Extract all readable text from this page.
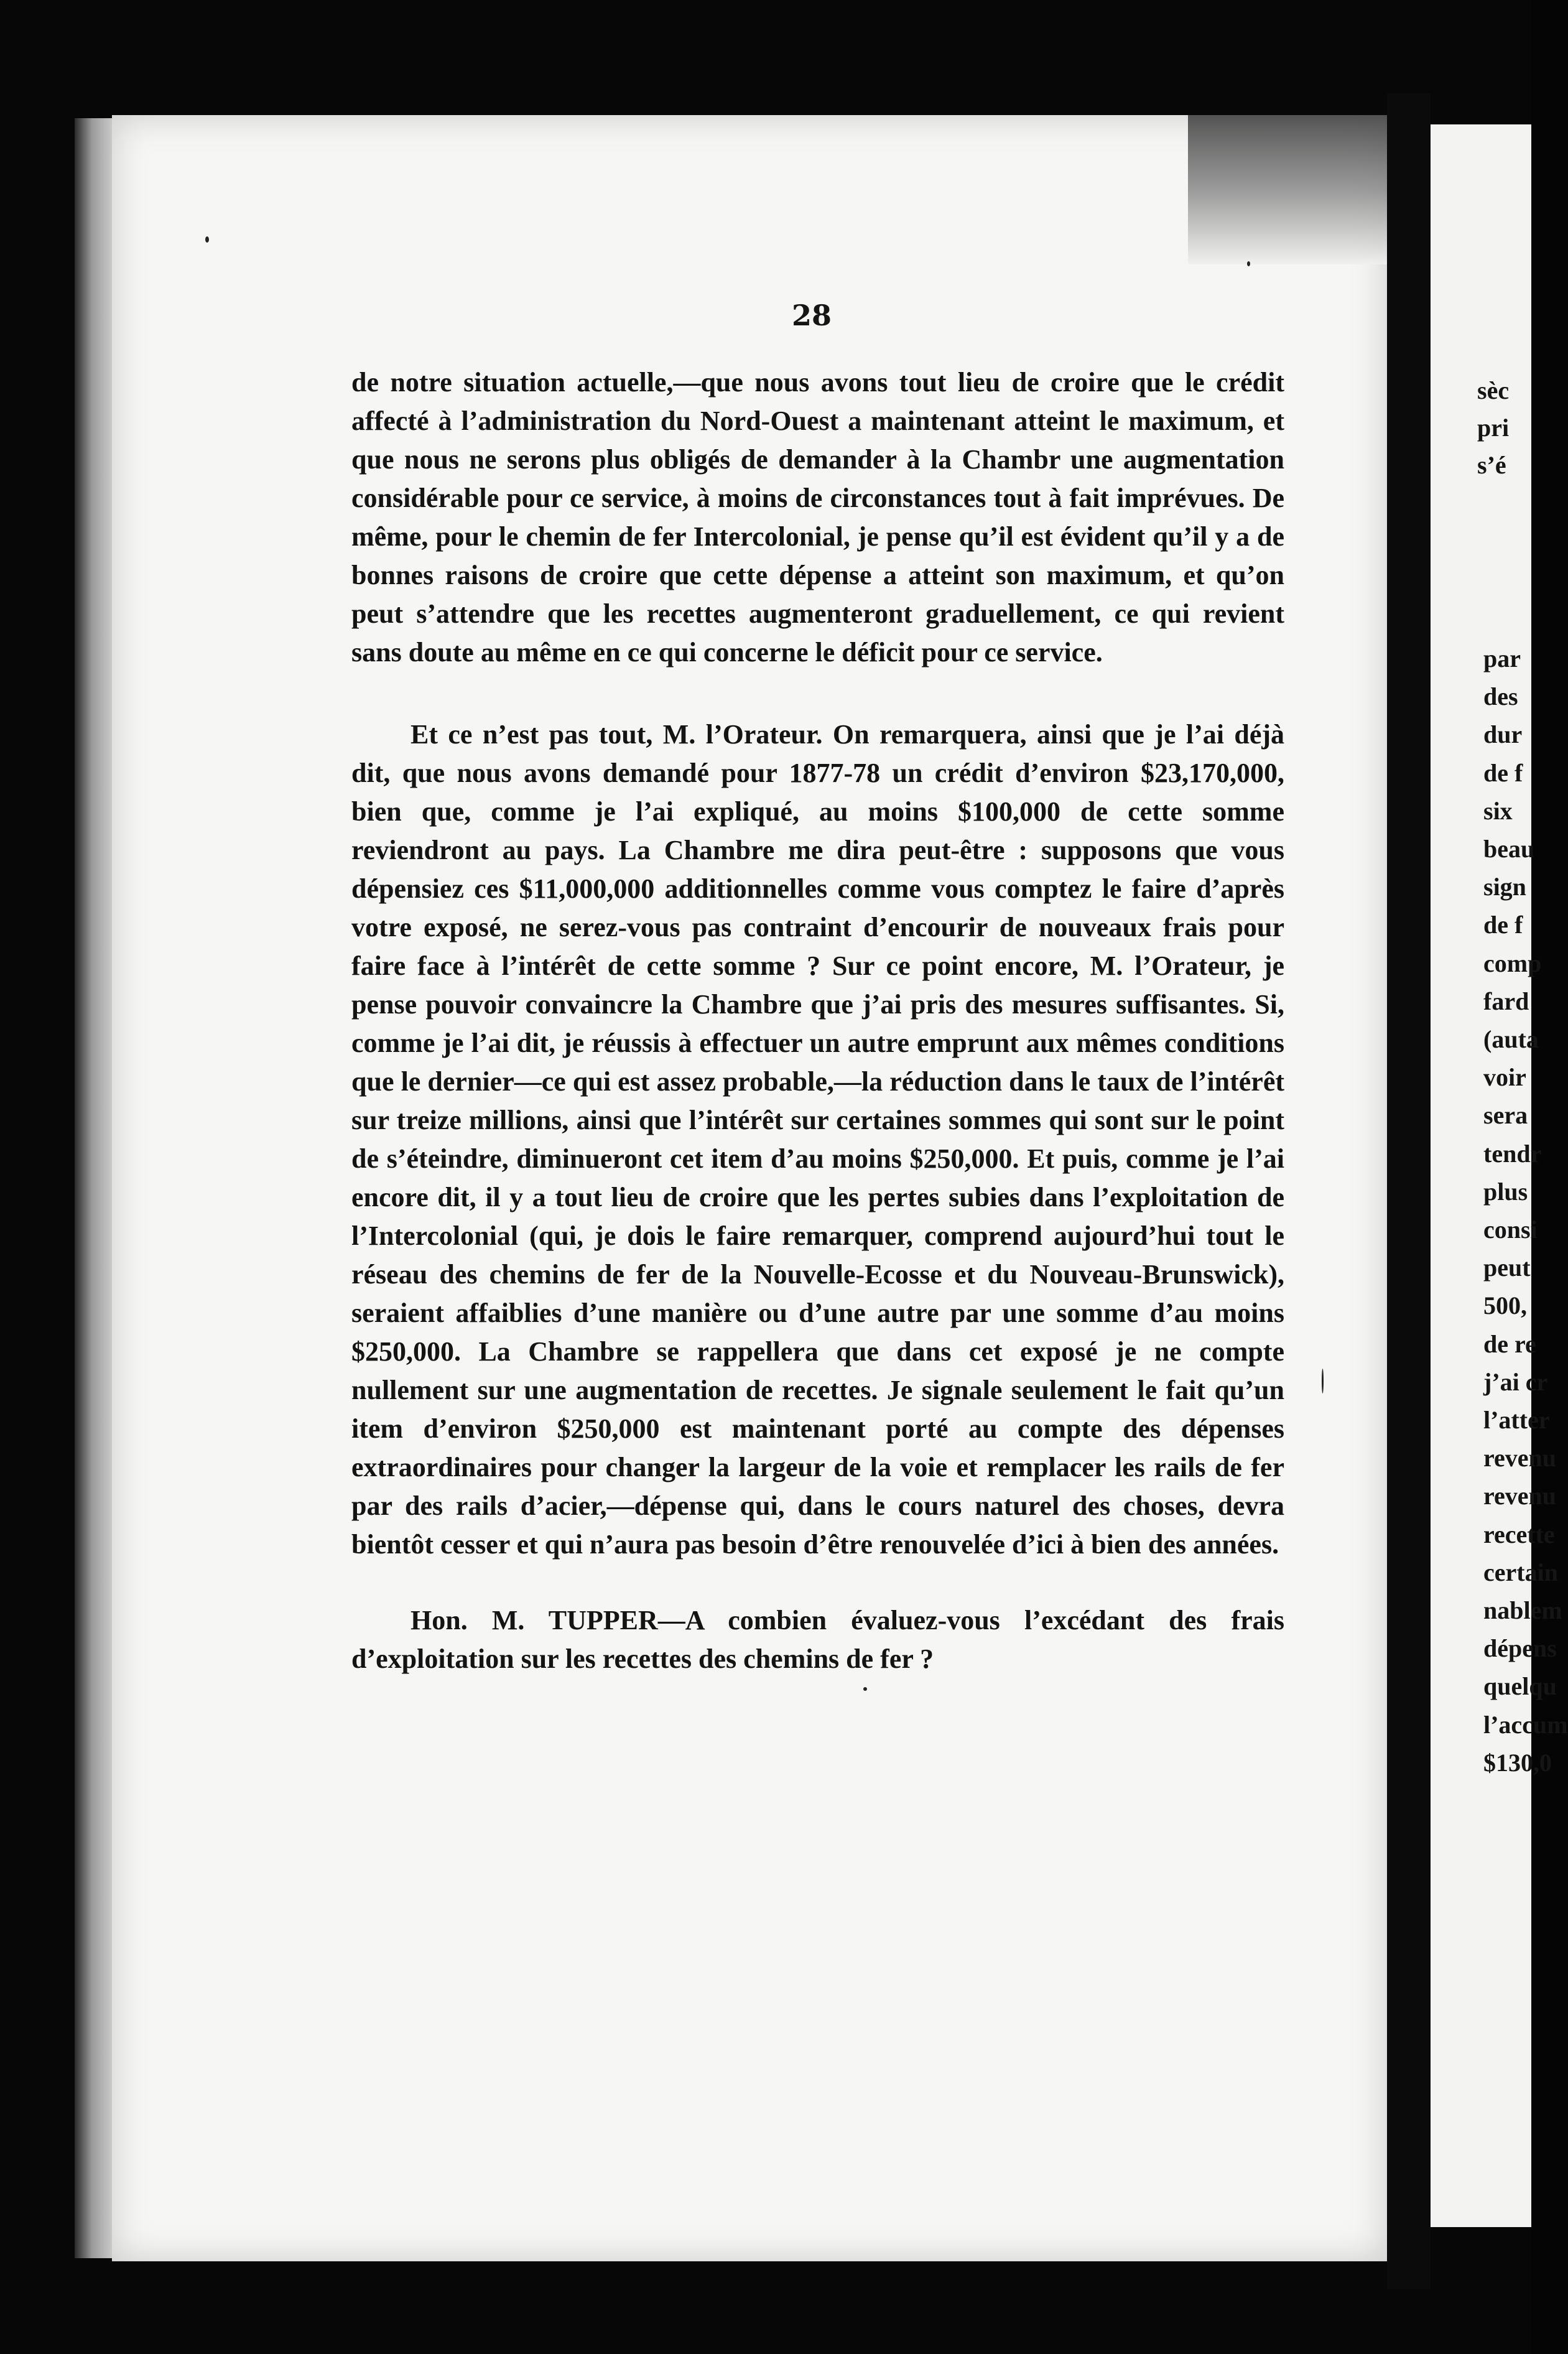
28

de notre situation actuelle,—que nous avons tout lieu de croire que le crédit affecté à l’administration du Nord-Ouest a maintenant atteint le maximum, et que nous ne serons plus obligés de demander à la Chambr une augmentation considérable pour ce service, à moins de circonstances tout à fait imprévues. De même, pour le chemin de fer Intercolonial, je pense qu’il est évident qu’il y a de bonnes raisons de croire que cette dépense a atteint son maximum, et qu’on peut s’attendre que les recettes augmenteront graduellement, ce qui revient sans doute au même en ce qui concerne le déficit pour ce service.

Et ce n’est pas tout, M. l’Orateur. On remarquera, ainsi que je l’ai déjà dit, que nous avons demandé pour 1877-78 un crédit d’environ $23,170,000, bien que, comme je l’ai expliqué, au moins $100,000 de cette somme reviendront au pays. La Chambre me dira peut-être : supposons que vous dépensiez ces $11,000,000 additionnelles comme vous comptez le faire d’après votre exposé, ne serez-vous pas contraint d’encourir de nouveaux frais pour faire face à l’intérêt de cette somme ? Sur ce point encore, M. l’Orateur, je pense pouvoir convaincre la Chambre que j’ai pris des mesures suffisantes. Si, comme je l’ai dit, je réussis à effectuer un autre emprunt aux mêmes conditions que le dernier—ce qui est assez probable,—la réduction dans le taux de l’intérêt sur treize millions, ainsi que l’intérêt sur certaines sommes qui sont sur le point de s’éteindre, diminueront cet item d’au moins $250,000. Et puis, comme je l’ai encore dit, il y a tout lieu de croire que les pertes subies dans l’exploitation de l’Intercolonial (qui, je dois le faire remarquer, comprend aujourd’hui tout le réseau des chemins de fer de la Nouvelle-Ecosse et du Nouveau-Brunswick), seraient affaiblies d’une manière ou d’une autre par une somme d’au moins $250,000. La Chambre se rappellera que dans cet exposé je ne compte nullement sur une augmentation de recettes. Je signale seulement le fait qu’un item d’environ $250,000 est maintenant porté au compte des dépenses extraordinaires pour changer la largeur de la voie et remplacer les rails de fer par des rails d’acier,—dépense qui, dans le cours naturel des choses, devra bientôt cesser et qui n’aura pas besoin d’être renouvelée d’ici à bien des années.

Hon. M. TUPPER—A combien évaluez-vous l’excédant des frais d’exploitation sur les recettes des chemins de fer ?

sèc
pri
s’é
par
des
dur
de f
six
beau
sign
de f
comp
fard
(auta
voir
sera
tendr
plus
consi
peut
500,
de re
j’ai cr
l’atter
revenu
revenu
recette
certain
nablem
dépens
quelqu
l’accum
$130,0
